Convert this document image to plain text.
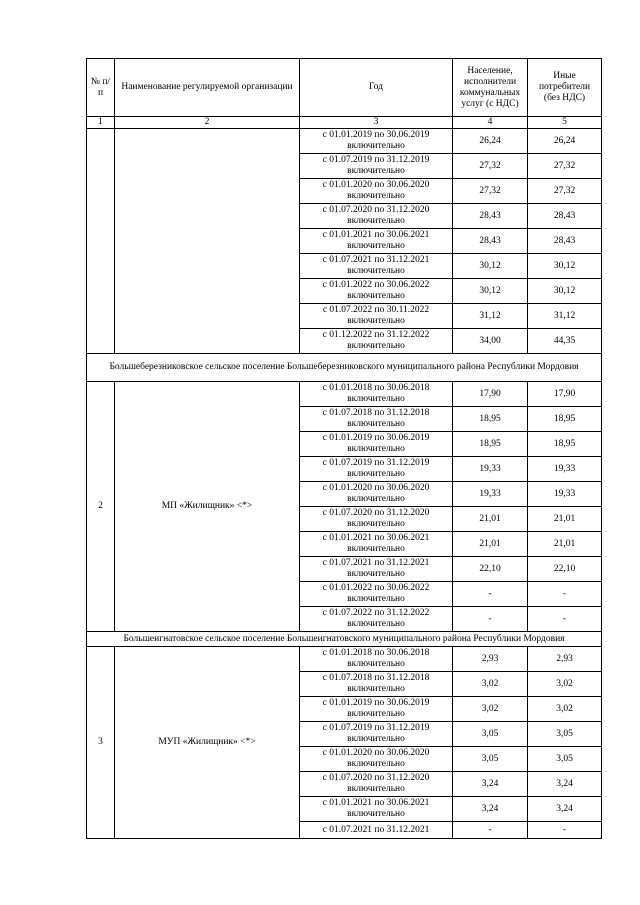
№ п/п	Наименование регулируемой организации	Год	Население, исполнители коммунальных услуг (с НДС)	Иные потребители (без НДС)
1	2	3	4	5
		с 01.01.2019 по 30.06.2019 включительно	26,24	26,24
		с 01.07.2019 по 31.12.2019 включительно	27,32	27,32
		с 01.01.2020 по 30.06.2020 включительно	27,32	27,32
		с 01.07.2020 по 31.12.2020 включительно	28,43	28,43
		с 01.01.2021 по 30.06.2021 включительно	28,43	28,43
		с 01.07.2021 по 31.12.2021 включительно	30,12	30,12
		с 01.01.2022 по 30.06.2022 включительно	30,12	30,12
		с 01.07.2022 по 30.11.2022 включительно	31,12	31,12
		с 01.12.2022 по 31.12.2022 включительно	34,00	44,35
Большеберезниковское сельское поселение Большеберезниковского муниципального района Республики Мордовия				
2	МП «Жилищник» <*>	с 01.01.2018 по 30.06.2018 включительно	17,90	17,90
		с 01.07.2018 по 31.12.2018 включительно	18,95	18,95
		с 01.01.2019 по 30.06.2019 включительно	18,95	18,95
		с 01.07.2019 по 31.12.2019 включительно	19,33	19,33
		с 01.01.2020 по 30.06.2020 включительно	19,33	19,33
		с 01.07.2020 по 31.12.2020 включительно	21,01	21,01
		с 01.01.2021 по 30.06.2021 включительно	21,01	21,01
		с 01.07.2021 по 31.12.2021 включительно	22,10	22,10
		с 01.01.2022 по 30.06.2022 включительно	-	-
		с 01.07.2022 по 31.12.2022 включительно	-	-
Большеигнатовское сельское поселение Большеигнатовского муниципального района Республики Мордовия				
3	МУП «Жилищник» <*>	с 01.01.2018 по 30.06.2018 включительно	2,93	2,93
		с 01.07.2018 по 31.12.2018 включительно	3,02	3,02
		с 01.01.2019 по 30.06.2019 включительно	3,02	3,02
		с 01.07.2019 по 31.12.2019 включительно	3,05	3,05
		с 01.01.2020 по 30.06.2020 включительно	3,05	3,05
		с 01.07.2020 по 31.12.2020 включительно	3,24	3,24
		с 01.01.2021 по 30.06.2021 включительно	3,24	3,24
		с 01.07.2021 по 31.12.2021	-	-
